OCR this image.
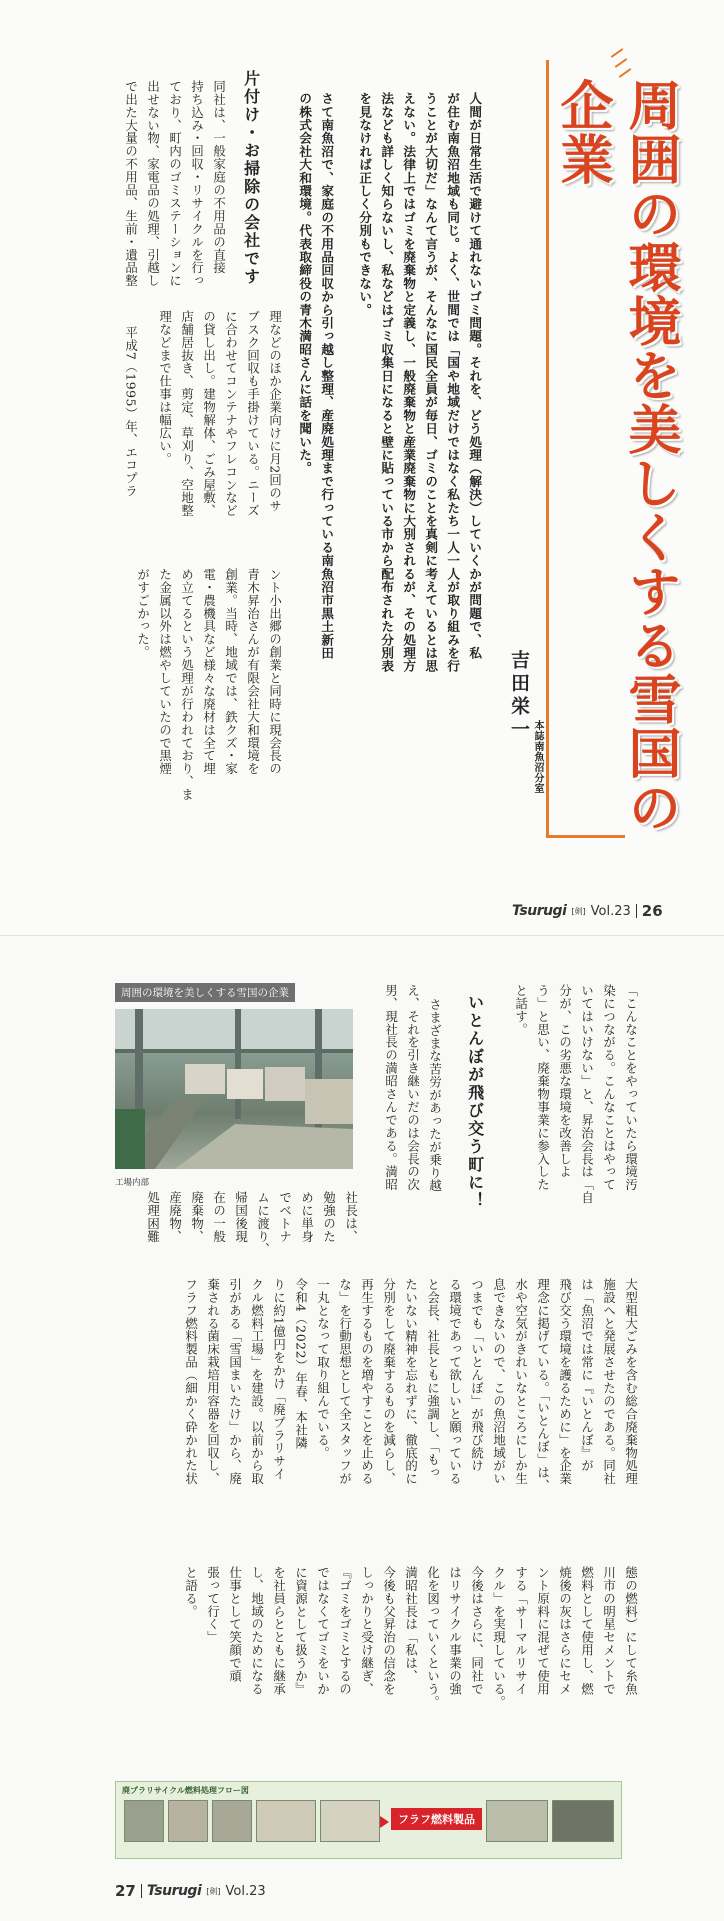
周囲の環境を美しくする雪国の企業
吉田栄一
本誌南魚沼分室
人間が日常生活で避けて通れないゴミ問題。それを、どう処理（解決）していくかが問題で、私
が住む南魚沼地域も同じ。よく、世間では「国や地域だけではなく私たち一人一人が取り組みを行
うことが大切だ」なんて言うが、そんなに国民全員が毎日、ゴミのことを真剣に考えているとは思
えない。法律上ではゴミを廃棄物と定義し、一般廃棄物と産業廃棄物に大別されるが、その処理方
法なども詳しく知らないし、私などはゴミ収集日になると壁に貼っている市から配布された分別表
を見なければ正しく分別もできない。
さて南魚沼で、家庭の不用品回収から引っ越し整理、産廃処理まで行っている南魚沼市黒土新田
の株式会社大和環境。代表取締役の青木満昭さんに話を聞いた。
片付け・お掃除の会社です
同社は、一般家庭の不用品の直接
持ち込み・回収・リサイクルを行っ
ており、町内のゴミステーションに
出せない物、家電品の処理、引越し
で出た大量の不用品、生前・遺品整
理などのほか企業向けに月2回のサ
ブスク回収も手掛けている。ニーズ
に合わせてコンテナやフレコンなど
の貸し出し。建物解体、ごみ屋敷、
店舗居抜き、剪定、草刈り、空地整
理などまで仕事は幅広い。
平成7（1995）年、エコプラ
ント小出郷の創業と同時に現会長の
青木昇治さんが有限会社大和環境を
創業。当時、地域では、鉄クズ・家
電・農機具など様々な廃材は全て埋
め立てるという処理が行われており、ま
た金属以外は燃やしていたので黒煙
がすごかった。
Tsurugi [剣] Vol.23 26
周囲の環境を美しくする雪国の企業
工場内部	「こんなことをやっていたら環境汚
染につながる。こんなことはやって
いてはいけない」と、昇治会長は「自
分が、この劣悪な環境を改善しよ
う」と思い、廃棄物事業に参入した
と話す。
いとんぼが飛び交う町に！
さまざまな苦労があったが乗り越
え、それを引き継いだのは会長の次
男、現社長の満昭さんである。満昭
社長は、
勉強のた
めに単身
でベトナ
ムに渡り、
帰国後現
在の一般
廃棄物、
産廃物、
処理困難
大型粗大ごみを含む総合廃棄物処理
施設へと発展させたのである。同社
は「魚沼では常に『いとんぼ』が
飛び交う環境を護るために」を企業
理念に掲げている。「いとんぼ」は、
水や空気がきれいなところにしか生
息できないので、この魚沼地域がい
つまでも「いとんぼ」が飛び続け
る環境であって欲しいと願っている
と会長、社長ともに強調し、「もっ
たいない精神を忘れずに、徹底的に
分別をして廃棄するものを減らし、
再生するものを増やすことを止める
な」を行動思想として全スタッフが
一丸となって取り組んでいる。
令和4（2022）年春、本社隣
りに約1億円をかけ「廃プラリサイ
クル燃料工場」を建設。以前から取
引がある「雪国まいたけ」から、廃
棄される菌床栽培用容器を回収し、
フラフ燃料製品（細かく砕かれた状
態の燃料）にして糸魚
川市の明星セメントで
燃料として使用し、燃
焼後の灰はさらにセメ
ント原料に混ぜて使用
する「サーマルリサイ
クル」を実現している。
今後はさらに、同社で
はリサイクル事業の強
化を図っていくという。
満昭社長は「私は、
今後も父昇治の信念を
しっかりと受け継ぎ、
『ゴミをゴミとするの
ではなくてゴミをいか
に資源として扱うか』
を社員らとともに継承
し、地域のためになる
仕事として笑顔で頑
張って行く」
と語る。
廃プラリサイクル燃料処理フロー図
フラフ燃料製品
27 Tsurugi [剣] Vol.23
